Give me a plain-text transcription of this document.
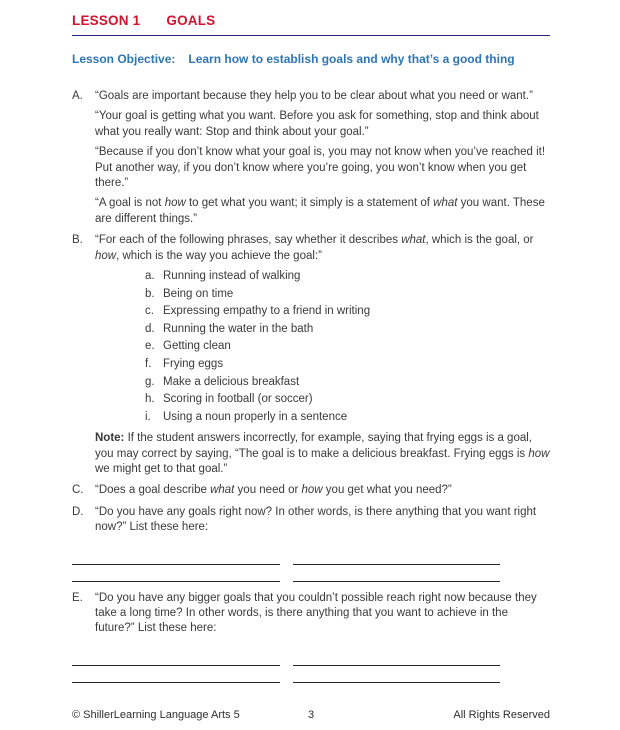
LESSON 1 GOALS
Lesson Objective: Learn how to establish goals and why that’s a good thing
A.	“Goals are important because they help you to be clear about what you need or want.”

“Your goal is getting what you want. Before you ask for something, stop and think about what you really want: Stop and think about your goal.”

“Because if you don’t know what your goal is, you may not know when you’ve reached it! Put another way, if you don’t know where you’re going, you won’t know when you get there.”

“A goal is not how to get what you want; it simply is a statement of what you want. These are different things.”

B.	“For each of the following phrases, say whether it describes what, which is the goal, or how, which is the way you achieve the goal:”

a. Running instead of walking
b. Being on time
c. Expressing empathy to a friend in writing
d. Running the water in the bath
e. Getting clean
f.	Frying eggs
g. Make a delicious breakfast
h. Scoring in football (or soccer)
i.	Using a noun properly in a sentence

Note: If the student answers incorrectly, for example, saying that frying eggs is a goal, you may correct by saying, “The goal is to make a delicious breakfast. Frying eggs is how we might get to that goal.”

C.	“Does a goal describe what you need or how you get what you need?”

D.	“Do you have any goals right now? In other words, is there anything that you want right now?” List these here:

E.	“Do you have any bigger goals that you couldn’t possible reach right now because they take a long time? In other words, is there anything that you want to achieve in the future?” List these here:

© ShillerLearning Language Arts 5	3	All Rights Reserved
